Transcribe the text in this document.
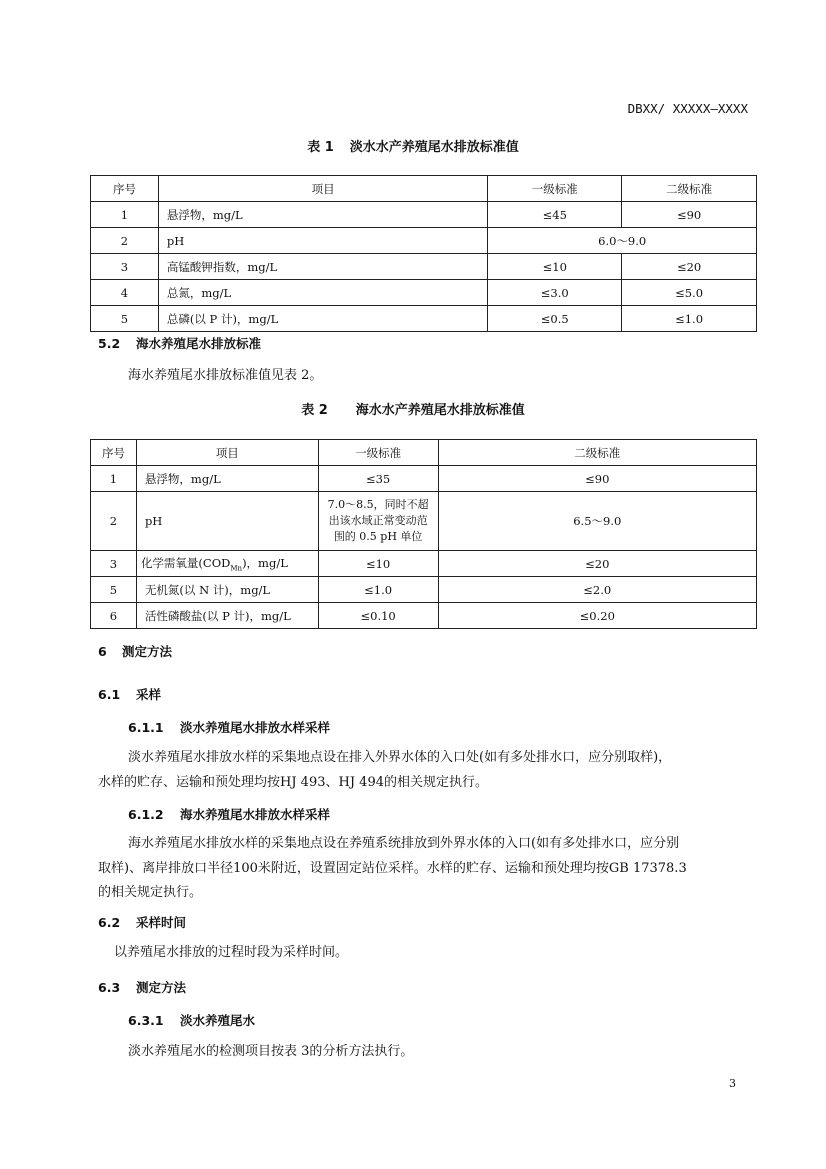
DBXX/ XXXXX—XXXX
表 1 淡水水产养殖尾水排放标准值
序号	项目	一级标准	二级标准
1	悬浮物，mg/L	≤45	≤90
2	pH	6.0～9.0	
3	高锰酸钾指数，mg/L	≤10	≤20
4	总氮，mg/L	≤3.0	≤5.0
5	总磷(以 P 计)，mg/L	≤0.5	≤1.0
5.2 海水养殖尾水排放标准
海水养殖尾水排放标准值见表 2。
表 2 海水水产养殖尾水排放标准值
序号	项目	一级标准	二级标准
1	悬浮物，mg/L	≤35	≤90
2	pH	7.0～8.5，同时不超
出该水域正常变动范
围的 0.5 pH 单位	6.5～9.0
3	化学需氧量$(COD_{Mn})$，mg/L	≤10	≤20
5	无机氮(以 N 计)，mg/L	≤1.0	≤2.0
6	活性磷酸盐(以 P 计)，mg/L	≤0.10	≤0.20
6 测定方法
6.1 采样
6.1.1 淡水养殖尾水排放水样采样
淡水养殖尾水排放水样的采集地点设在排入外界水体的入口处(如有多处排水口，应分别取样)，
水样的贮存、运输和预处理均按HJ 493、HJ 494的相关规定执行。
6.1.2 海水养殖尾水排放水样采样
海水养殖尾水排放水样的采集地点设在养殖系统排放到外界水体的入口(如有多处排水口，应分别
取样)、离岸排放口半径100米附近，设置固定站位采样。水样的贮存、运输和预处理均按GB 17378.3
的相关规定执行。
6.2 采样时间
以养殖尾水排放的过程时段为采样时间。
6.3 测定方法
6.3.1 淡水养殖尾水
淡水养殖尾水的检测项目按表 3的分析方法执行。
3
